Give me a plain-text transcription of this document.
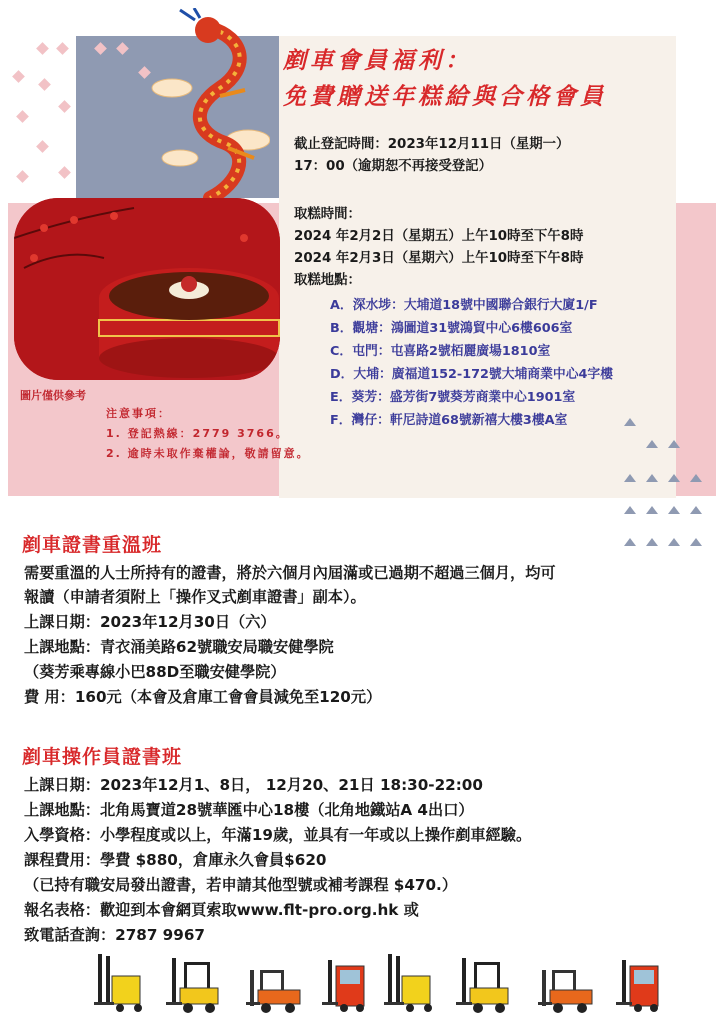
圖片僅供參考
剷車會員福利：
免費贈送年糕給與合格會員
截止登記時間：2023年12月11日（星期一）
17：00（逾期恕不再接受登記）
取糕時間：
2024 年2月2日（星期五）上午10時至下午8時
2024 年2月3日（星期六）上午10時至下午8時
取糕地點：
A．深水埗：大埔道18號中國聯合銀行大廈1/F
B．觀塘：鴻圖道31號鴻貿中心6樓606室
C．屯門：屯喜路2號栢麗廣場1810室
D．大埔：廣福道152-172號大埔商業中心4字樓
E．葵芳：盛芳街7號葵芳商業中心1901室
F．灣仔：軒尼詩道68號新禧大樓3樓A室
注意事項：
1. 登記熱線：2779 3766。
2. 逾時未取作棄權論，敬請留意。
剷車證書重溫班
需要重溫的人士所持有的證書，將於六個月內屆滿或已過期不超過三個月，均可
報讀（申請者須附上「操作叉式剷車證書」副本）。
上課日期：2023年12月30日（六）
上課地點：青衣涌美路62號職安局職安健學院
（葵芳乘專線小巴88D至職安健學院）
費 用：160元（本會及倉庫工會會員減免至120元）
剷車操作員證書班
上課日期：2023年12月1、8日， 12月20、21日 18:30-22:00
上課地點：北角馬寶道28號華匯中心18樓（北角地鐵站A 4出口）
入學資格：小學程度或以上，年滿19歲，並具有一年或以上操作剷車經驗。
課程費用：學費 $880，倉庫永久會員$620
（已持有職安局發出證書，若申請其他型號或補考課程 $470.）
報名表格：歡迎到本會網頁索取www.flt-pro.org.hk 或
致電話查詢：2787 9967
